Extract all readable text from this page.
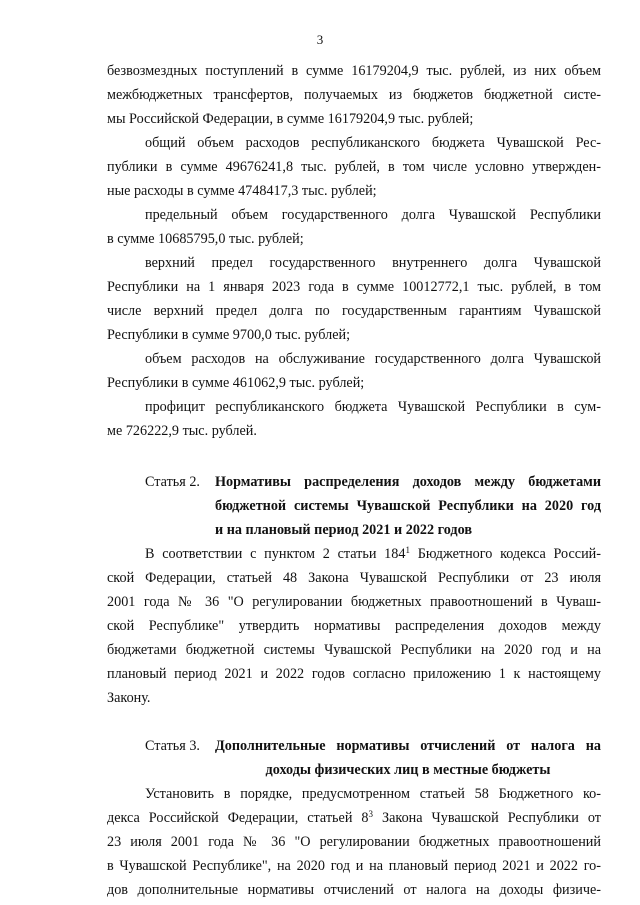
3

безвозмездных поступлений в сумме 16179204,9 тыс. рублей, из них объем
межбюджетных трансфертов, получаемых из бюджетов бюджетной систе-
мы Российской Федерации, в сумме 16179204,9 тыс. рублей;

общий объем расходов республиканского бюджета Чувашской Рес-
публики в сумме 49676241,8 тыс. рублей, в том числе условно утвержден-
ные расходы в сумме 4748417,3 тыс. рублей;

предельный объем государственного долга Чувашской Республики
в сумме 10685795,0 тыс. рублей;

верхний предел государственного внутреннего долга Чувашской
Республики на 1 января 2023 года в сумме 10012772,1 тыс. рублей, в том
числе верхний предел долга по государственным гарантиям Чувашской
Республики в сумме 9700,0 тыс. рублей;

объем расходов на обслуживание государственного долга Чувашской
Республики в сумме 461062,9 тыс. рублей;

профицит республиканского бюджета Чувашской Республики в сум-
ме 726222,9 тыс. рублей.

Статья 2.	Нормативы распределения доходов между бюджетами
бюджетной системы Чувашской Республики на 2020 год
и на плановый период 2021 и 2022 годов

В соответствии с пунктом 2 статьи $184^1$ Бюджетного кодекса Россий-
ской Федерации, статьей 48 Закона Чувашской Республики от 23 июля
2001 года № 36 "О регулировании бюджетных правоотношений в Чуваш-
ской Республике" утвердить нормативы распределения доходов между
бюджетами бюджетной системы Чувашской Республики на 2020 год и на
плановый период 2021 и 2022 годов согласно приложению 1 к настоящему
Закону.

Статья 3.	Дополнительные нормативы отчислений от налога на
доходы физических лиц в местные бюджеты

Установить в порядке, предусмотренном статьей 58 Бюджетного ко-
декса Российской Федерации, статьей $8^3$ Закона Чувашской Республики от
23 июля 2001 года № 36 "О регулировании бюджетных правоотношений
в Чувашской Республике", на 2020 год и на плановый период 2021 и 2022 го-
дов дополнительные нормативы отчислений от налога на доходы физиче-
